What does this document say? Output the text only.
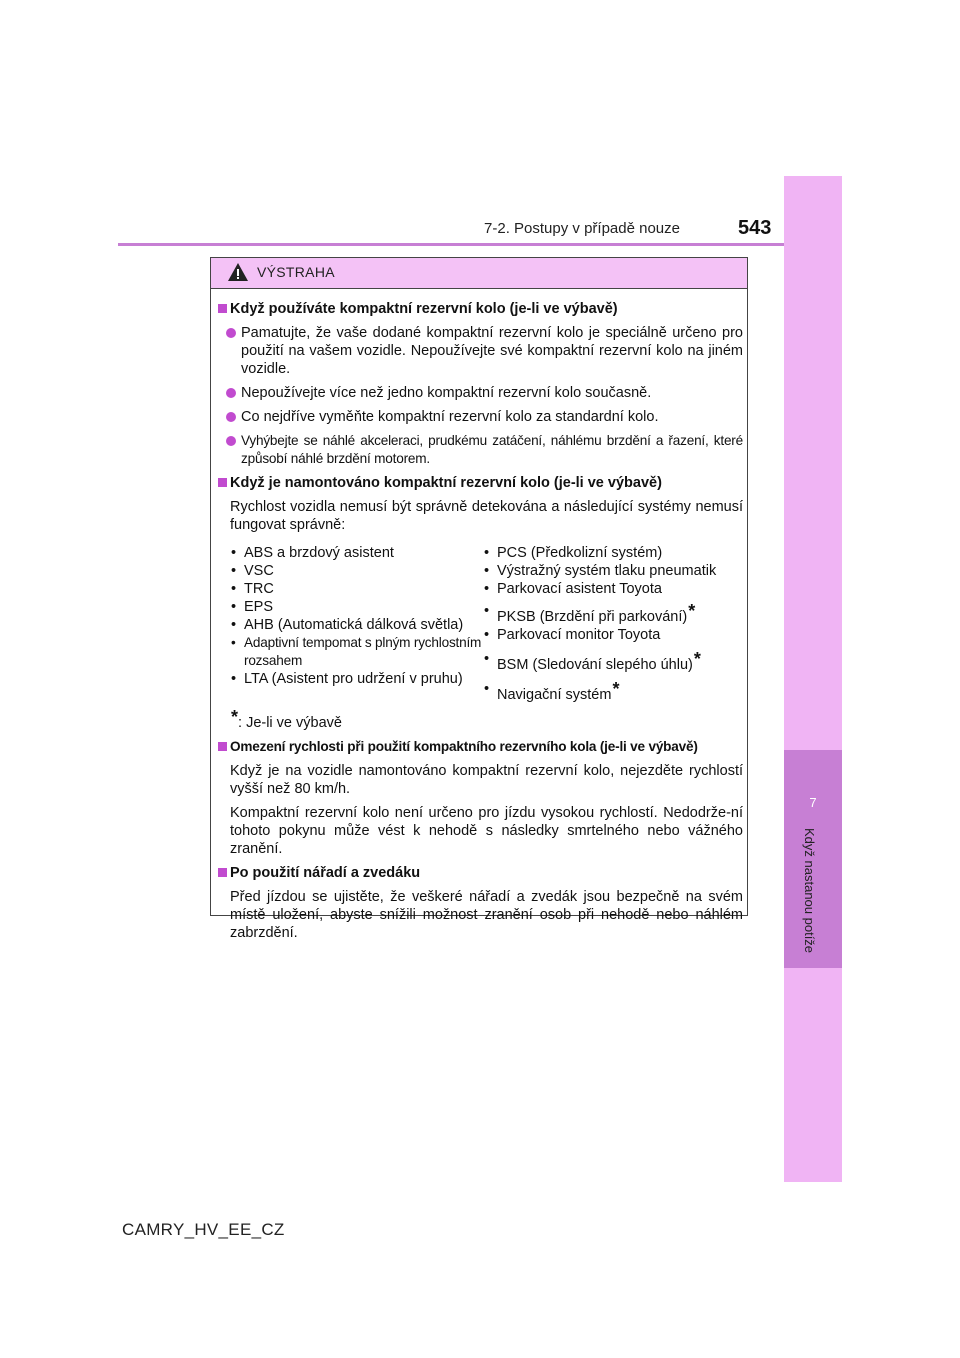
7-2. Postupy v případě nouze	543
7
Když nastanou potíže
VÝSTRAHA
Když používáte kompaktní rezervní kolo (je-li ve výbavě)
Pamatujte, že vaše dodané kompaktní rezervní kolo je speciálně určeno pro použití na vašem vozidle. Nepoužívejte své kompaktní rezervní kolo na jiném vozidle.
Nepoužívejte více než jedno kompaktní rezervní kolo současně.
Co nejdříve vyměňte kompaktní rezervní kolo za standardní kolo.
Vyhýbejte se náhlé akceleraci, prudkému zatáčení, náhlému brzdění a řazení, které způsobí náhlé brzdění motorem.
Když je namontováno kompaktní rezervní kolo (je-li ve výbavě)
Rychlost vozidla nemusí být správně detekována a následující systémy nemusí fungovat správně:
• ABS a brzdový asistent
• VSC
• TRC
• EPS
• AHB (Automatická dálková světla)
• Adaptivní tempomat s plným rychlostním rozsahem
• LTA (Asistent pro udržení v pruhu)
• PCS (Předkolizní systém)
• Výstražný systém tlaku pneumatik
• Parkovací asistent Toyota
• PKSB (Brzdění při parkování)*
• Parkovací monitor Toyota
• BSM (Sledování slepého úhlu)*
• Navigační systém*
*: Je-li ve výbavě
Omezení rychlosti při použití kompaktního rezervního kola (je-li ve výbavě)
Když je na vozidle namontováno kompaktní rezervní kolo, nejezděte rychlostí vyšší než 80 km/h.
Kompaktní rezervní kolo není určeno pro jízdu vysokou rychlostí. Nedodrže-ní tohoto pokynu může vést k nehodě s následky smrtelného nebo vážného zranění.
Po použití nářadí a zvedáku
Před jízdou se ujistěte, že veškeré nářadí a zvedák jsou bezpečně na svém místě uložení, abyste snížili možnost zranění osob při nehodě nebo náhlém zabrzdění.
CAMRY_HV_EE_CZ
